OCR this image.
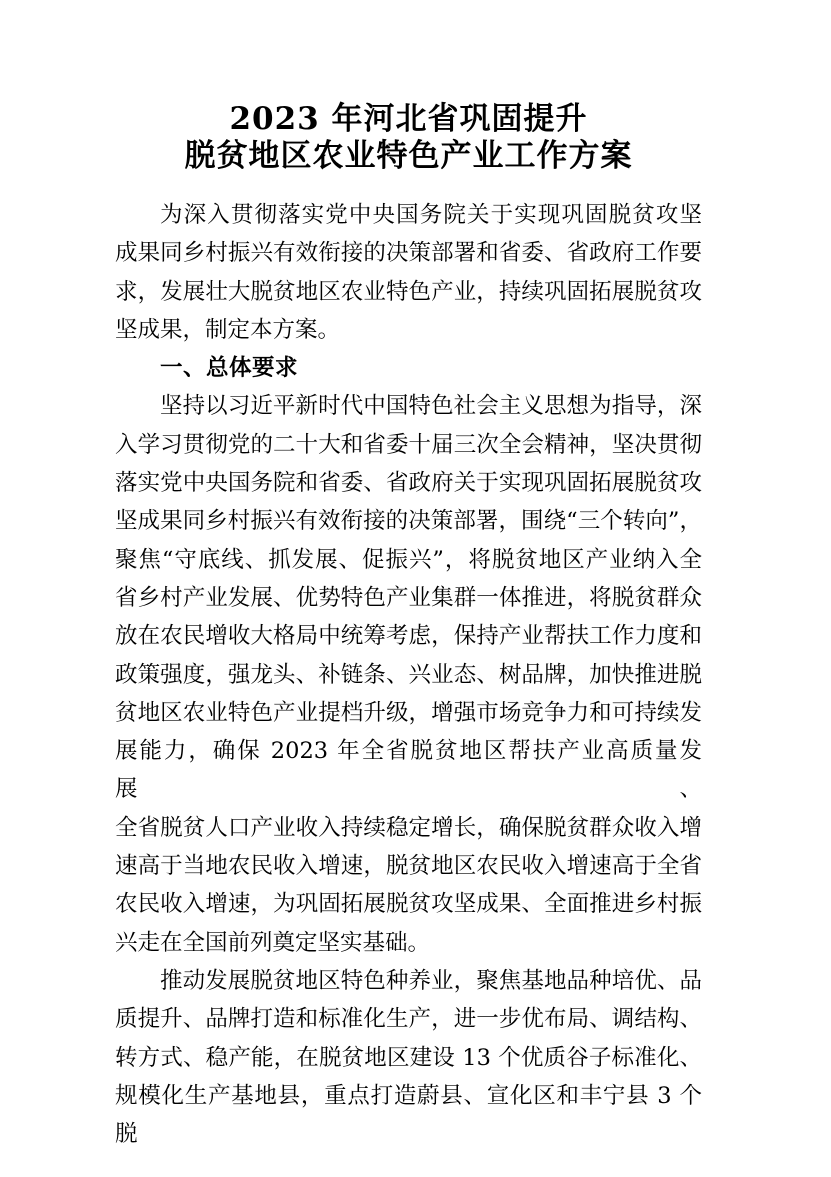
2023 年河北省巩固提升
脱贫地区农业特色产业工作方案
为深入贯彻落实党中央国务院关于实现巩固脱贫攻坚
成果同乡村振兴有效衔接的决策部署和省委、省政府工作要
求，发展壮大脱贫地区农业特色产业，持续巩固拓展脱贫攻
坚成果，制定本方案。
一、总体要求
坚持以习近平新时代中国特色社会主义思想为指导，深
入学习贯彻党的二十大和省委十届三次全会精神，坚决贯彻
落实党中央国务院和省委、省政府关于实现巩固拓展脱贫攻
坚成果同乡村振兴有效衔接的决策部署，围绕“三个转向”，
聚焦“守底线、抓发展、促振兴”，将脱贫地区产业纳入全
省乡村产业发展、优势特色产业集群一体推进，将脱贫群众
放在农民增收大格局中统筹考虑，保持产业帮扶工作力度和
政策强度，强龙头、补链条、兴业态、树品牌，加快推进脱
贫地区农业特色产业提档升级，增强市场竞争力和可持续发
展能力，确保 2023 年全省脱贫地区帮扶产业高质量发展、
全省脱贫人口产业收入持续稳定增长，确保脱贫群众收入增
速高于当地农民收入增速，脱贫地区农民收入增速高于全省
农民收入增速，为巩固拓展脱贫攻坚成果、全面推进乡村振
兴走在全国前列奠定坚实基础。
推动发展脱贫地区特色种养业，聚焦基地品种培优、品
质提升、品牌打造和标准化生产，进一步优布局、调结构、
转方式、稳产能，在脱贫地区建设 13 个优质谷子标准化、
规模化生产基地县，重点打造蔚县、宣化区和丰宁县 3 个脱
